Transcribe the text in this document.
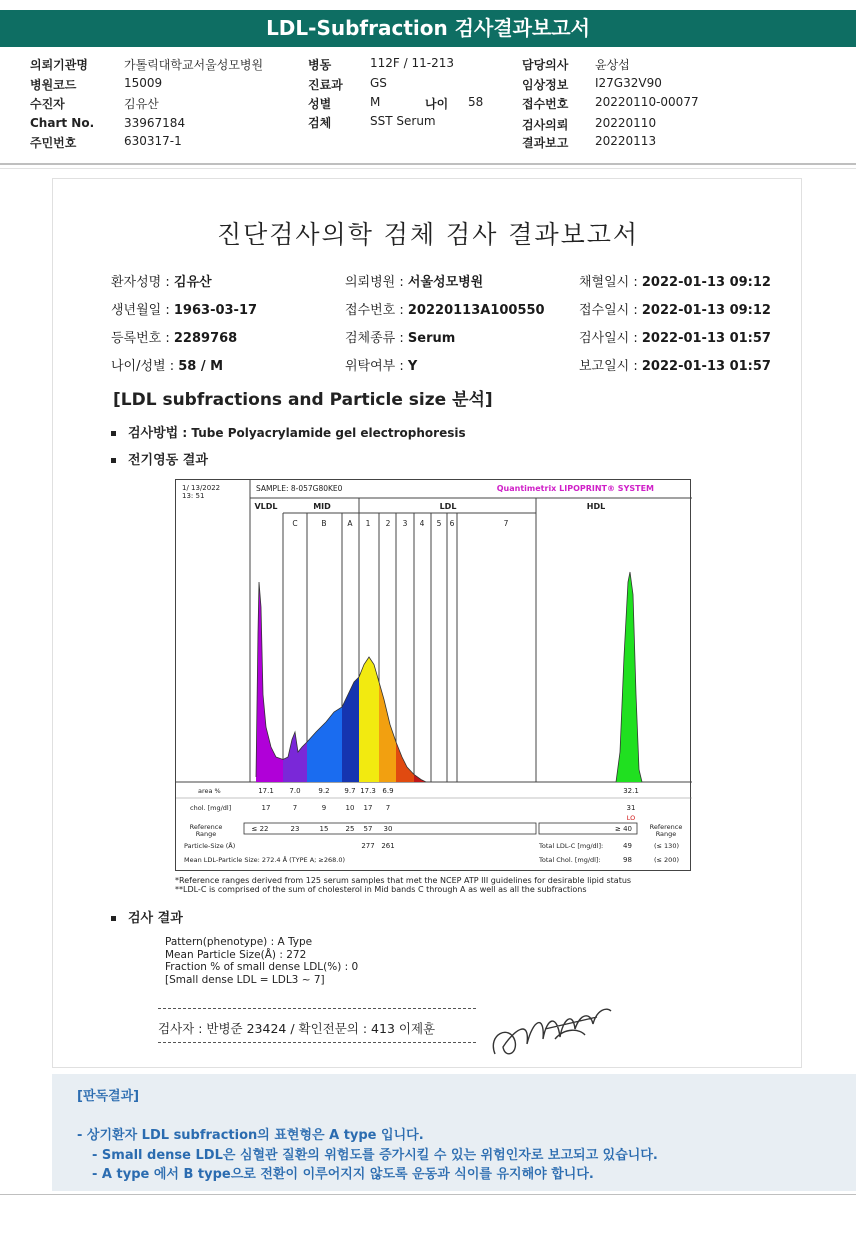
LDL-Subfraction 검사결과보고서
의뢰기관명	가톨릭대학교서울성모병원
병원코드	15009
수진자	김유산
Chart No. 33967184
주민번호	630317-1
병동	112F / 11-213
진료과 GS
성별	M	나이 58
검체	SST Serum
담당의사 윤상섭
임상정보 I27G32V90
접수번호 20220110-00077
검사의뢰 20220110
결과보고 20220113
진단검사의학 검체 검사 결과보고서
환자성명 : 김유산	의뢰병원 : 서울성모병원	채혈일시 : 2022-01-13 09:12
생년월일 : 1963-03-17	접수번호 : 20220113A100550	접수일시 : 2022-01-13 09:12
등록번호 : 2289768	검체종류 : Serum	검사일시 : 2022-01-13 01:57
나이/성별 : 58 / M	위탁여부 : Y	보고일시 : 2022-01-13 01:57
[LDL subfractions and Particle size 분석]
검사방법 : Tube Polyacrylamide gel electrophoresis
전기영동 결과
1/ 13/2022
13: 51
SAMPLE: 8-057G80KE0	Quantimetrix LIPOPRINT® SYSTEM
VLDL	MID	LDL	HDL
C	B	A 1 2 3 4 5 6	7
area %	17.1 7.0	9.2 9.7 17.3 6.9	32.1
chol. [mg/dl]	17	7	9	10 17 7	31
LO
Reference
Range
≤ 22	23	15 25 57 30	≥ 40	Reference
Range
Particle-Size (Å)	277 261	Total LDL-C [mg/dl]:	49	(≤ 130)
Mean LDL-Particle Size: 272.4 Å (TYPE A; ≥268.0)	Total Chol. [mg/dl]:	98	(≤ 200)
*Reference ranges derived from 125 serum samples that met the NCEP ATP III guidelines for desirable lipid status
**LDL-C is comprised of the sum of cholesterol in Mid bands C through A as well as all the subfractions
검사 결과
Pattern(phenotype) : A Type
Mean Particle Size(Å) : 272
Fraction % of small dense LDL(%) : 0
[Small dense LDL = LDL3 ~ 7]
검사자 : 반병준 23424 / 확인전문의 : 413 이제훈
[판독결과]
- 상기환자 LDL subfraction의 표현형은 A type 입니다.
- Small dense LDL은 심혈관 질환의 위험도를 증가시킬 수 있는 위험인자로 보고되고 있습니다.
- A type 에서 B type으로 전환이 이루어지지 않도록 운동과 식이를 유지해야 합니다.
